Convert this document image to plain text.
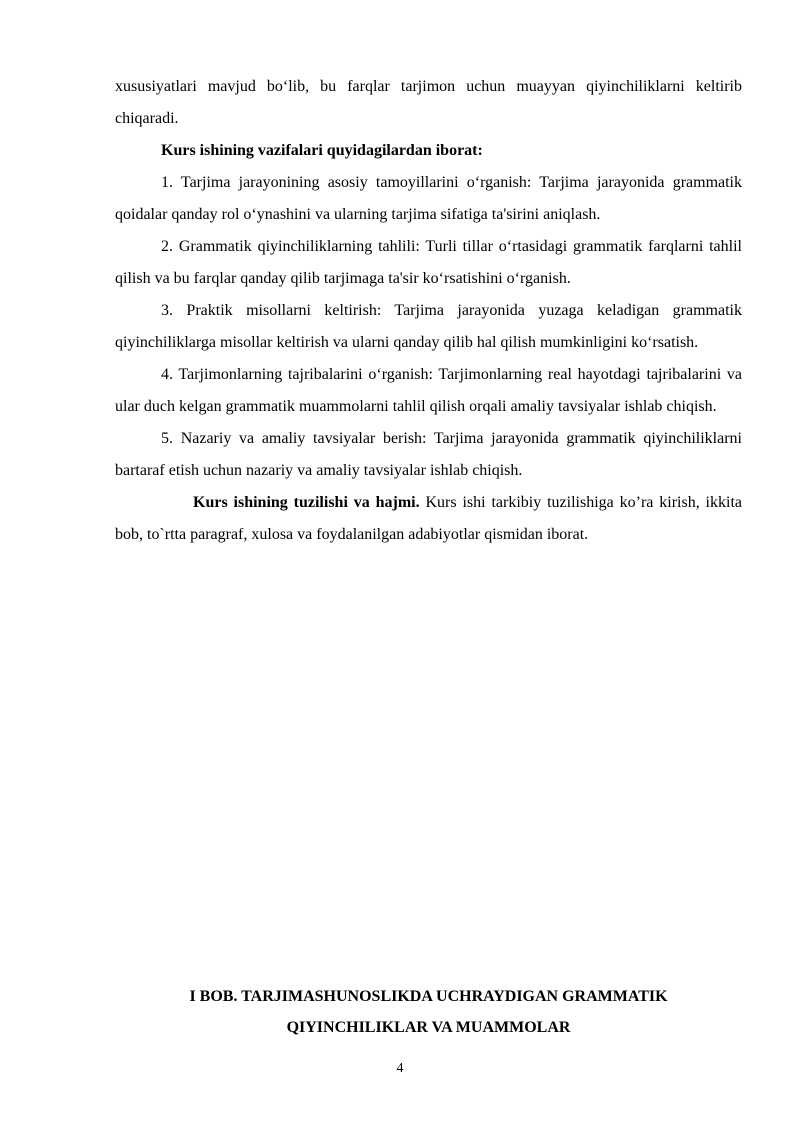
xususiyatlari mavjud bo‘lib, bu farqlar tarjimon uchun muayyan qiyinchiliklarni keltirib chiqaradi.

Kurs ishining vazifalari quyidagilardan iborat:

1. Tarjima jarayonining asosiy tamoyillarini o‘rganish: Tarjima jarayonida grammatik qoidalar qanday rol o‘ynashini va ularning tarjima sifatiga ta'sirini aniqlash.

2. Grammatik qiyinchiliklarning tahlili: Turli tillar o‘rtasidagi grammatik farqlarni tahlil qilish va bu farqlar qanday qilib tarjimaga ta'sir ko‘rsatishini o‘rganish.

3. Praktik misollarni keltirish: Tarjima jarayonida yuzaga keladigan grammatik qiyinchiliklarga misollar keltirish va ularni qanday qilib hal qilish mumkinligini ko‘rsatish.

4. Tarjimonlarning tajribalarini o‘rganish: Tarjimonlarning real hayotdagi tajribalarini va ular duch kelgan grammatik muammolarni tahlil qilish orqali amaliy tavsiyalar ishlab chiqish.

5. Nazariy va amaliy tavsiyalar berish: Tarjima jarayonida grammatik qiyinchiliklarni bartaraf etish uchun nazariy va amaliy tavsiyalar ishlab chiqish.

Kurs ishining tuzilishi va hajmi. Kurs ishi tarkibiy tuzilishiga ko’ra kirish, ikkita bob, to`rtta paragraf, xulosa va foydalanilgan adabiyotlar qismidan iborat.

I BOB. TARJIMASHUNOSLIKDA UCHRAYDIGAN GRAMMATIK
QIYINCHILIKLAR VA MUAMMOLAR
4
